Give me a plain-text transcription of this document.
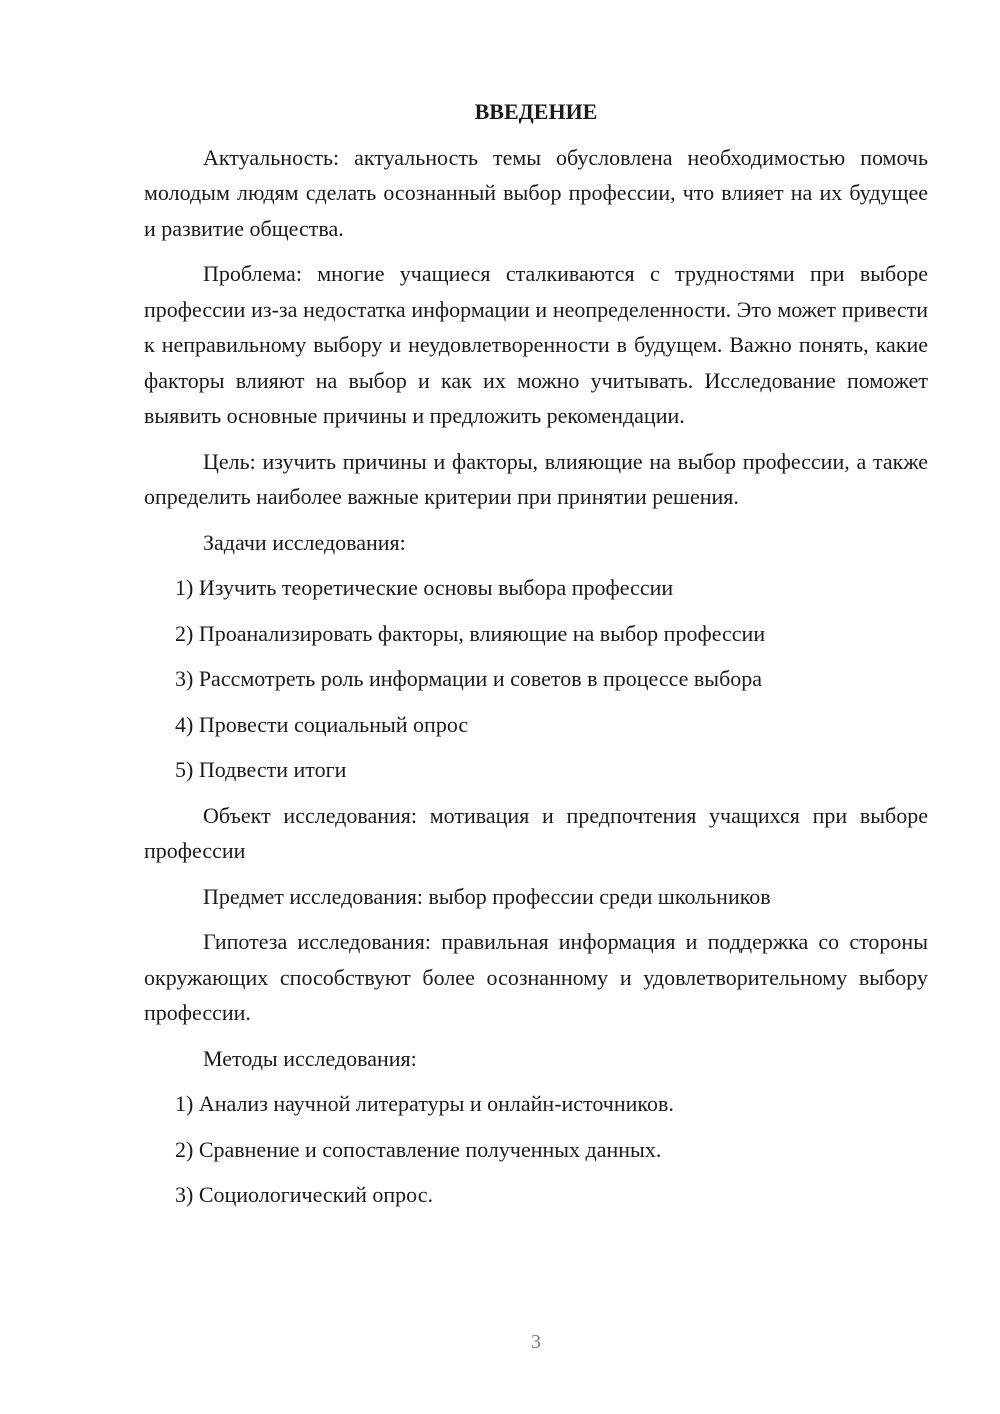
ВВЕДЕНИЕ

Актуальность: актуальность темы обусловлена необходимостью помочь молодым людям сделать осознанный выбор профессии, что влияет на их будущее и развитие общества.

Проблема: многие учащиеся сталкиваются с трудностями при выборе профессии из-за недостатка информации и неопределенности. Это может привести к неправильному выбору и неудовлетворенности в будущем. Важно понять, какие факторы влияют на выбор и как их можно учитывать. Исследование поможет выявить основные причины и предложить рекомендации.

Цель: изучить причины и факторы, влияющие на выбор профессии, а также определить наиболее важные критерии при принятии решения.

Задачи исследования:

1) Изучить теоретические основы выбора профессии
2) Проанализировать факторы, влияющие на выбор профессии
3) Рассмотреть роль информации и советов в процессе выбора
4) Провести социальный опрос
5) Подвести итоги

Объект исследования: мотивация и предпочтения учащихся при выборе профессии

Предмет исследования: выбор профессии среди школьников

Гипотеза исследования: правильная информация и поддержка со стороны окружающих способствуют более осознанному и удовлетворительному выбору профессии.

Методы исследования:

1) Анализ научной литературы и онлайн-источников.
2) Сравнение и сопоставление полученных данных.
3) Социологический опрос.
3
